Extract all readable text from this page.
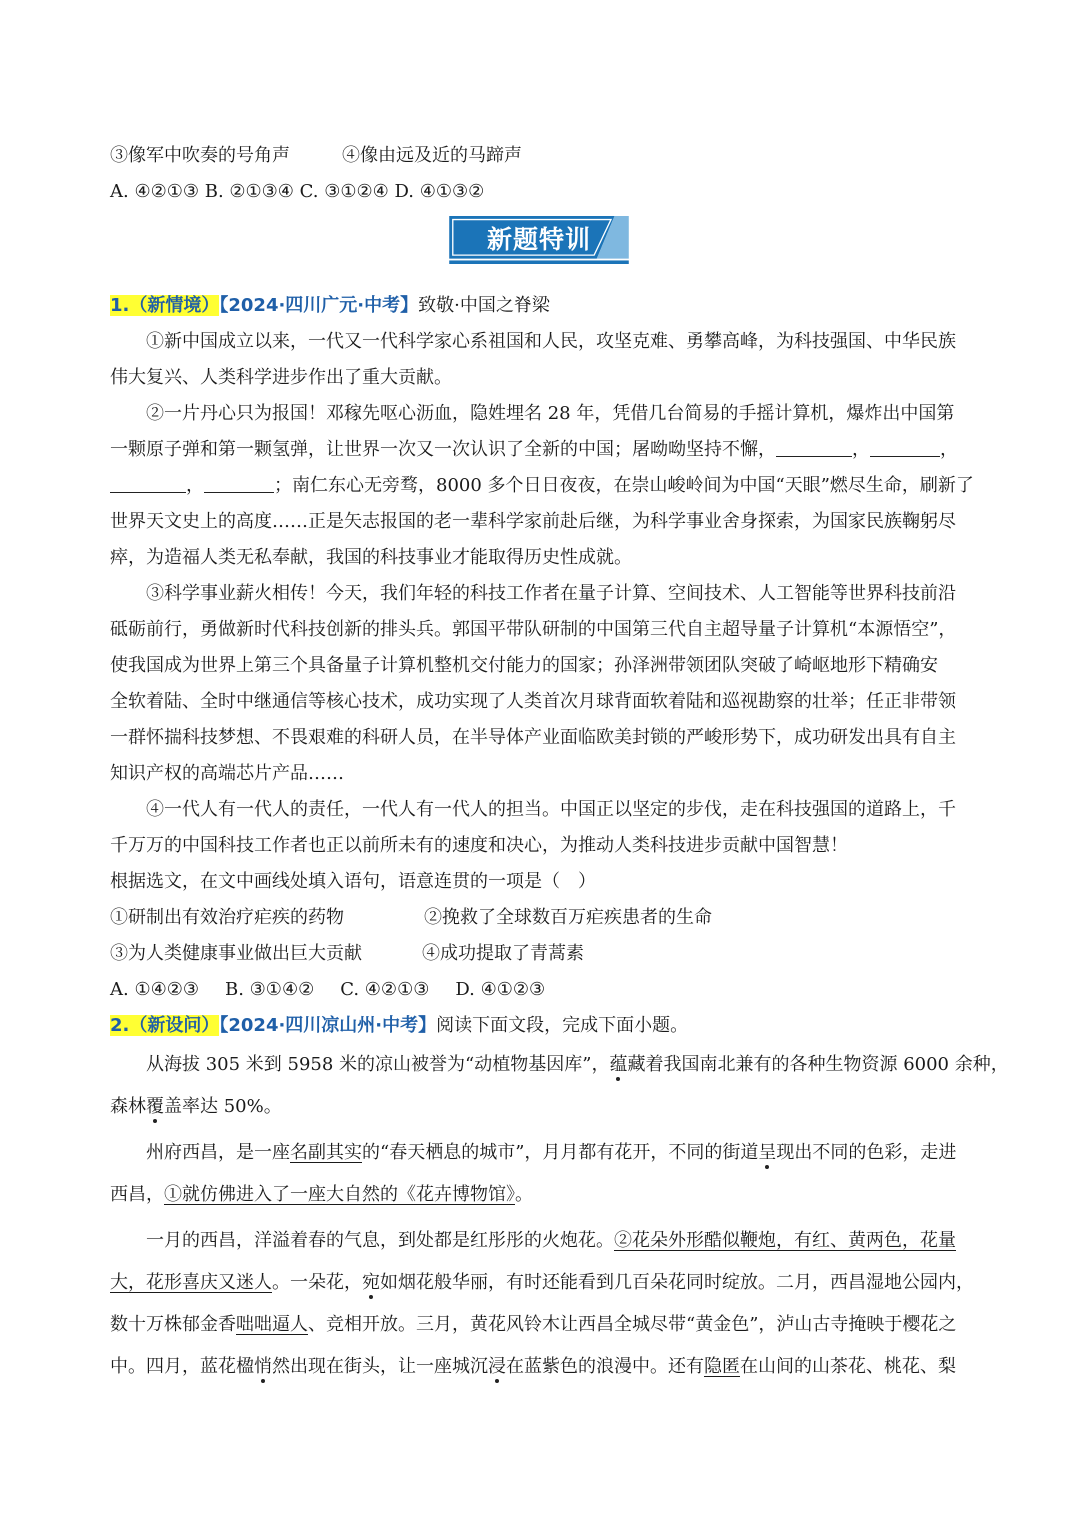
③像军中吹奏的号角声	④像由远及近的马蹄声
A. ④②①③ B. ②①③④ C. ③①②④ D. ④①③②
新题特训
1.（新情境）【2024·四川广元·中考】致敬·中国之脊梁
①新中国成立以来，一代又一代科学家心系祖国和人民，攻坚克难、勇攀高峰，为科技强国、中华民族
伟大复兴、人类科学进步作出了重大贡献。
②一片丹心只为报国！邓稼先呕心沥血，隐姓埋名 28 年，凭借几台简易的手摇计算机，爆炸出中国第
一颗原子弹和第一颗氢弹，让世界一次又一次认识了全新的中国；屠呦呦坚持不懈，	，	，
，	；南仁东心无旁骛，8000 多个日日夜夜，在崇山峻岭间为中国“天眼”燃尽生命，刷新了
世界天文史上的高度……正是矢志报国的老一辈科学家前赴后继，为科学事业舍身探索，为国家民族鞠躬尽
瘁，为造福人类无私奉献，我国的科技事业才能取得历史性成就。
③科学事业薪火相传！今天，我们年轻的科技工作者在量子计算、空间技术、人工智能等世界科技前沿
砥砺前行，勇做新时代科技创新的排头兵。郭国平带队研制的中国第三代自主超导量子计算机“本源悟空”，
使我国成为世界上第三个具备量子计算机整机交付能力的国家；孙泽洲带领团队突破了崎岖地形下精确安
全软着陆、全时中继通信等核心技术，成功实现了人类首次月球背面软着陆和巡视勘察的壮举；任正非带领
一群怀揣科技梦想、不畏艰难的科研人员，在半导体产业面临欧美封锁的严峻形势下，成功研发出具有自主
知识产权的高端芯片产品……
④一代人有一代人的责任，一代人有一代人的担当。中国正以坚定的步伐，走在科技强国的道路上，千
千万万的中国科技工作者也正以前所未有的速度和决心，为推动人类科技进步贡献中国智慧！
根据选文，在文中画线处填入语句，语意连贯的一项是（　）
①研制出有效治疗疟疾的药物	②挽救了全球数百万疟疾患者的生命
③为人类健康事业做出巨大贡献	④成功提取了青蒿素
A. ①④②③ B. ③①④② C. ④②①③ D. ④①②③
2.（新设问）【2024·四川凉山州·中考】阅读下面文段，完成下面小题。
从海拔 305 米到 5958 米的凉山被誉为“动植物基因库”，蕴藏着我国南北兼有的各种生物资源 6000 余种，
森林覆盖率达 50%。
州府西昌，是一座名副其实的“春天栖息的城市”，月月都有花开，不同的街道呈现出不同的色彩，走进
西昌，①就仿佛进入了一座大自然的《花卉博物馆》。
一月的西昌，洋溢着春的气息，到处都是红彤彤的火炮花。②花朵外形酷似鞭炮，有红、黄两色，花量
大，花形喜庆又迷人。一朵花，宛如烟花般华丽，有时还能看到几百朵花同时绽放。二月，西昌湿地公园内，
数十万株郁金香咄咄逼人、竞相开放。三月，黄花风铃木让西昌全城尽带“黄金色”，泸山古寺掩映于樱花之
中。四月，蓝花楹悄然出现在街头，让一座城沉浸在蓝紫色的浪漫中。还有隐匿在山间的山茶花、桃花、梨
